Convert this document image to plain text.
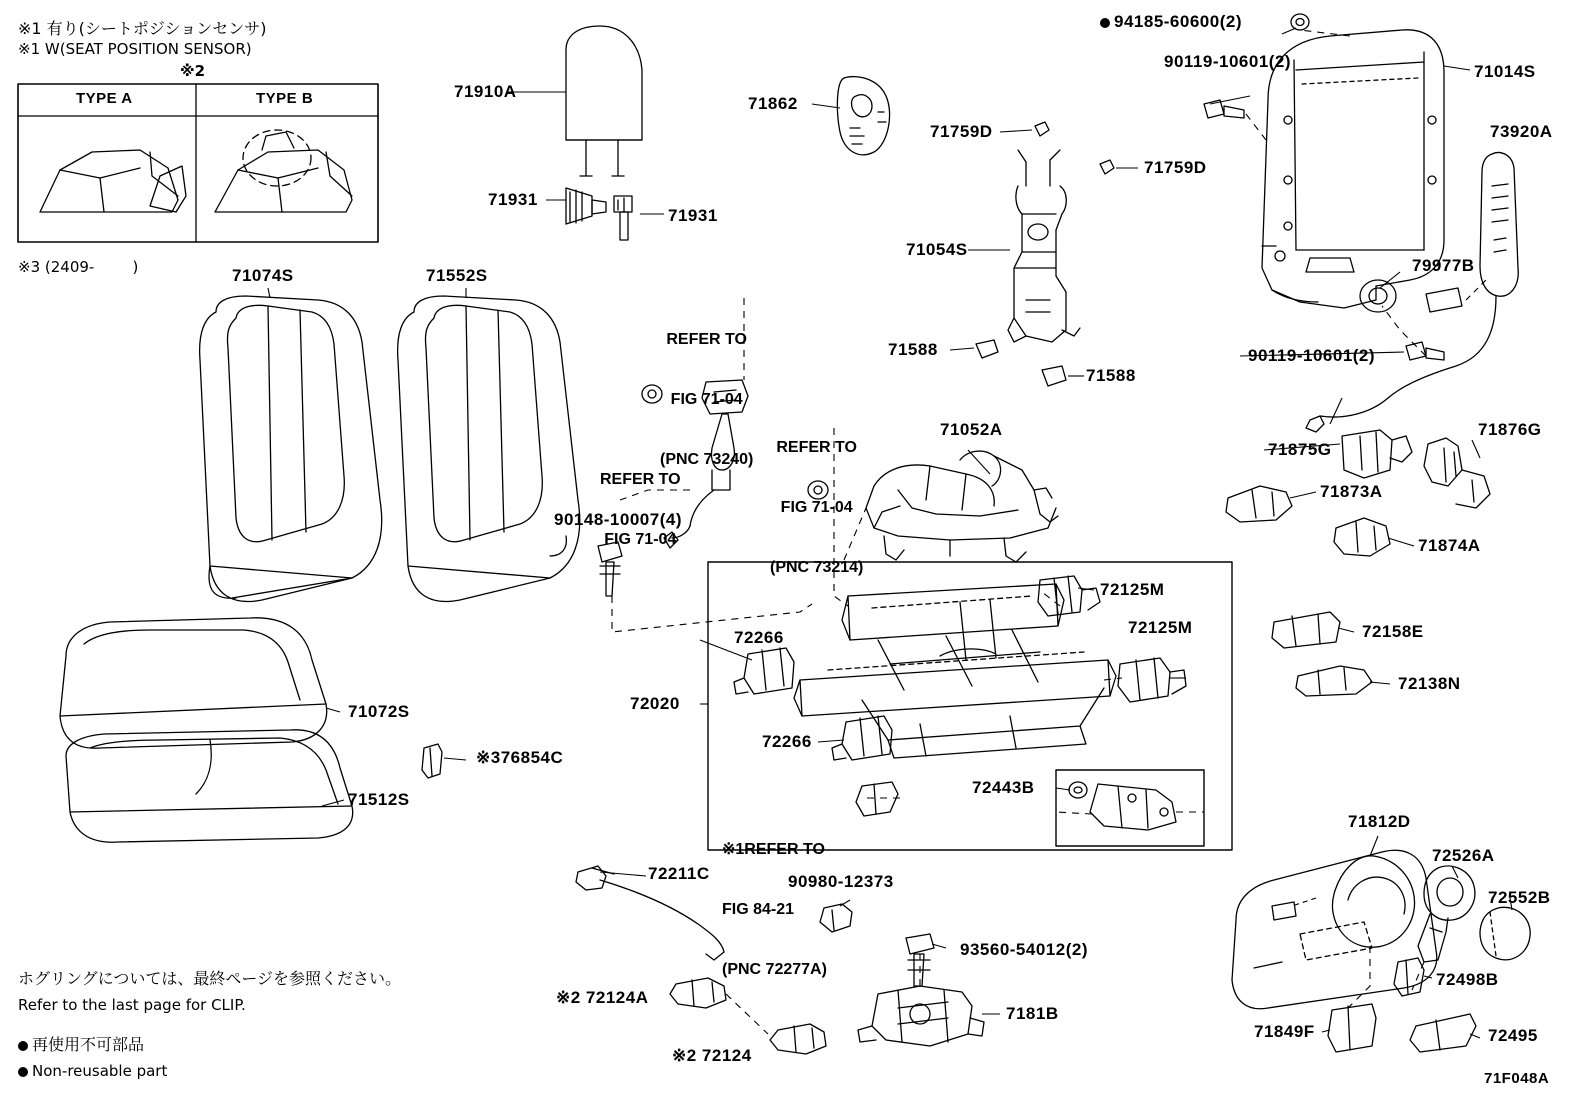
※1 有り(シートポジションセンサ)
※1 W(SEAT POSITION SENSOR)
※2
TYPE A	TYPE B
※3 (2409-        )
ホグリングについては、最終ページを参照ください。
Refer to the last page for CLIP.
再使用不可部品
Non-reusable part	71F048A

REFER TO

FIG 71-04

(PNC 73240)

REFER TO

FIG 71-04

(PNC 73214)

REFER TO

FIG 71-04

※1REFER TO

FIG 84-21

(PNC 72277A)

94185-60600(2)
90119-10601(2)
71014S
73920A
71910A
71862
71759D
71759D
71931
71931
71054S
79977B
90119-10601(2)
71588
71588
71074S	71552S
71052A
71875G
71876G
71873A
71874A
90148-10007(4)
72125M
72125M
72266
72266
72020
72158E
72138N
71072S
※376854C
71512S
72443B
72211C	90980-12373
※2 72124A
※2 72124
93560-54012(2)
7181B
71812D
72526A
72552B
72498B
71849F	72495
